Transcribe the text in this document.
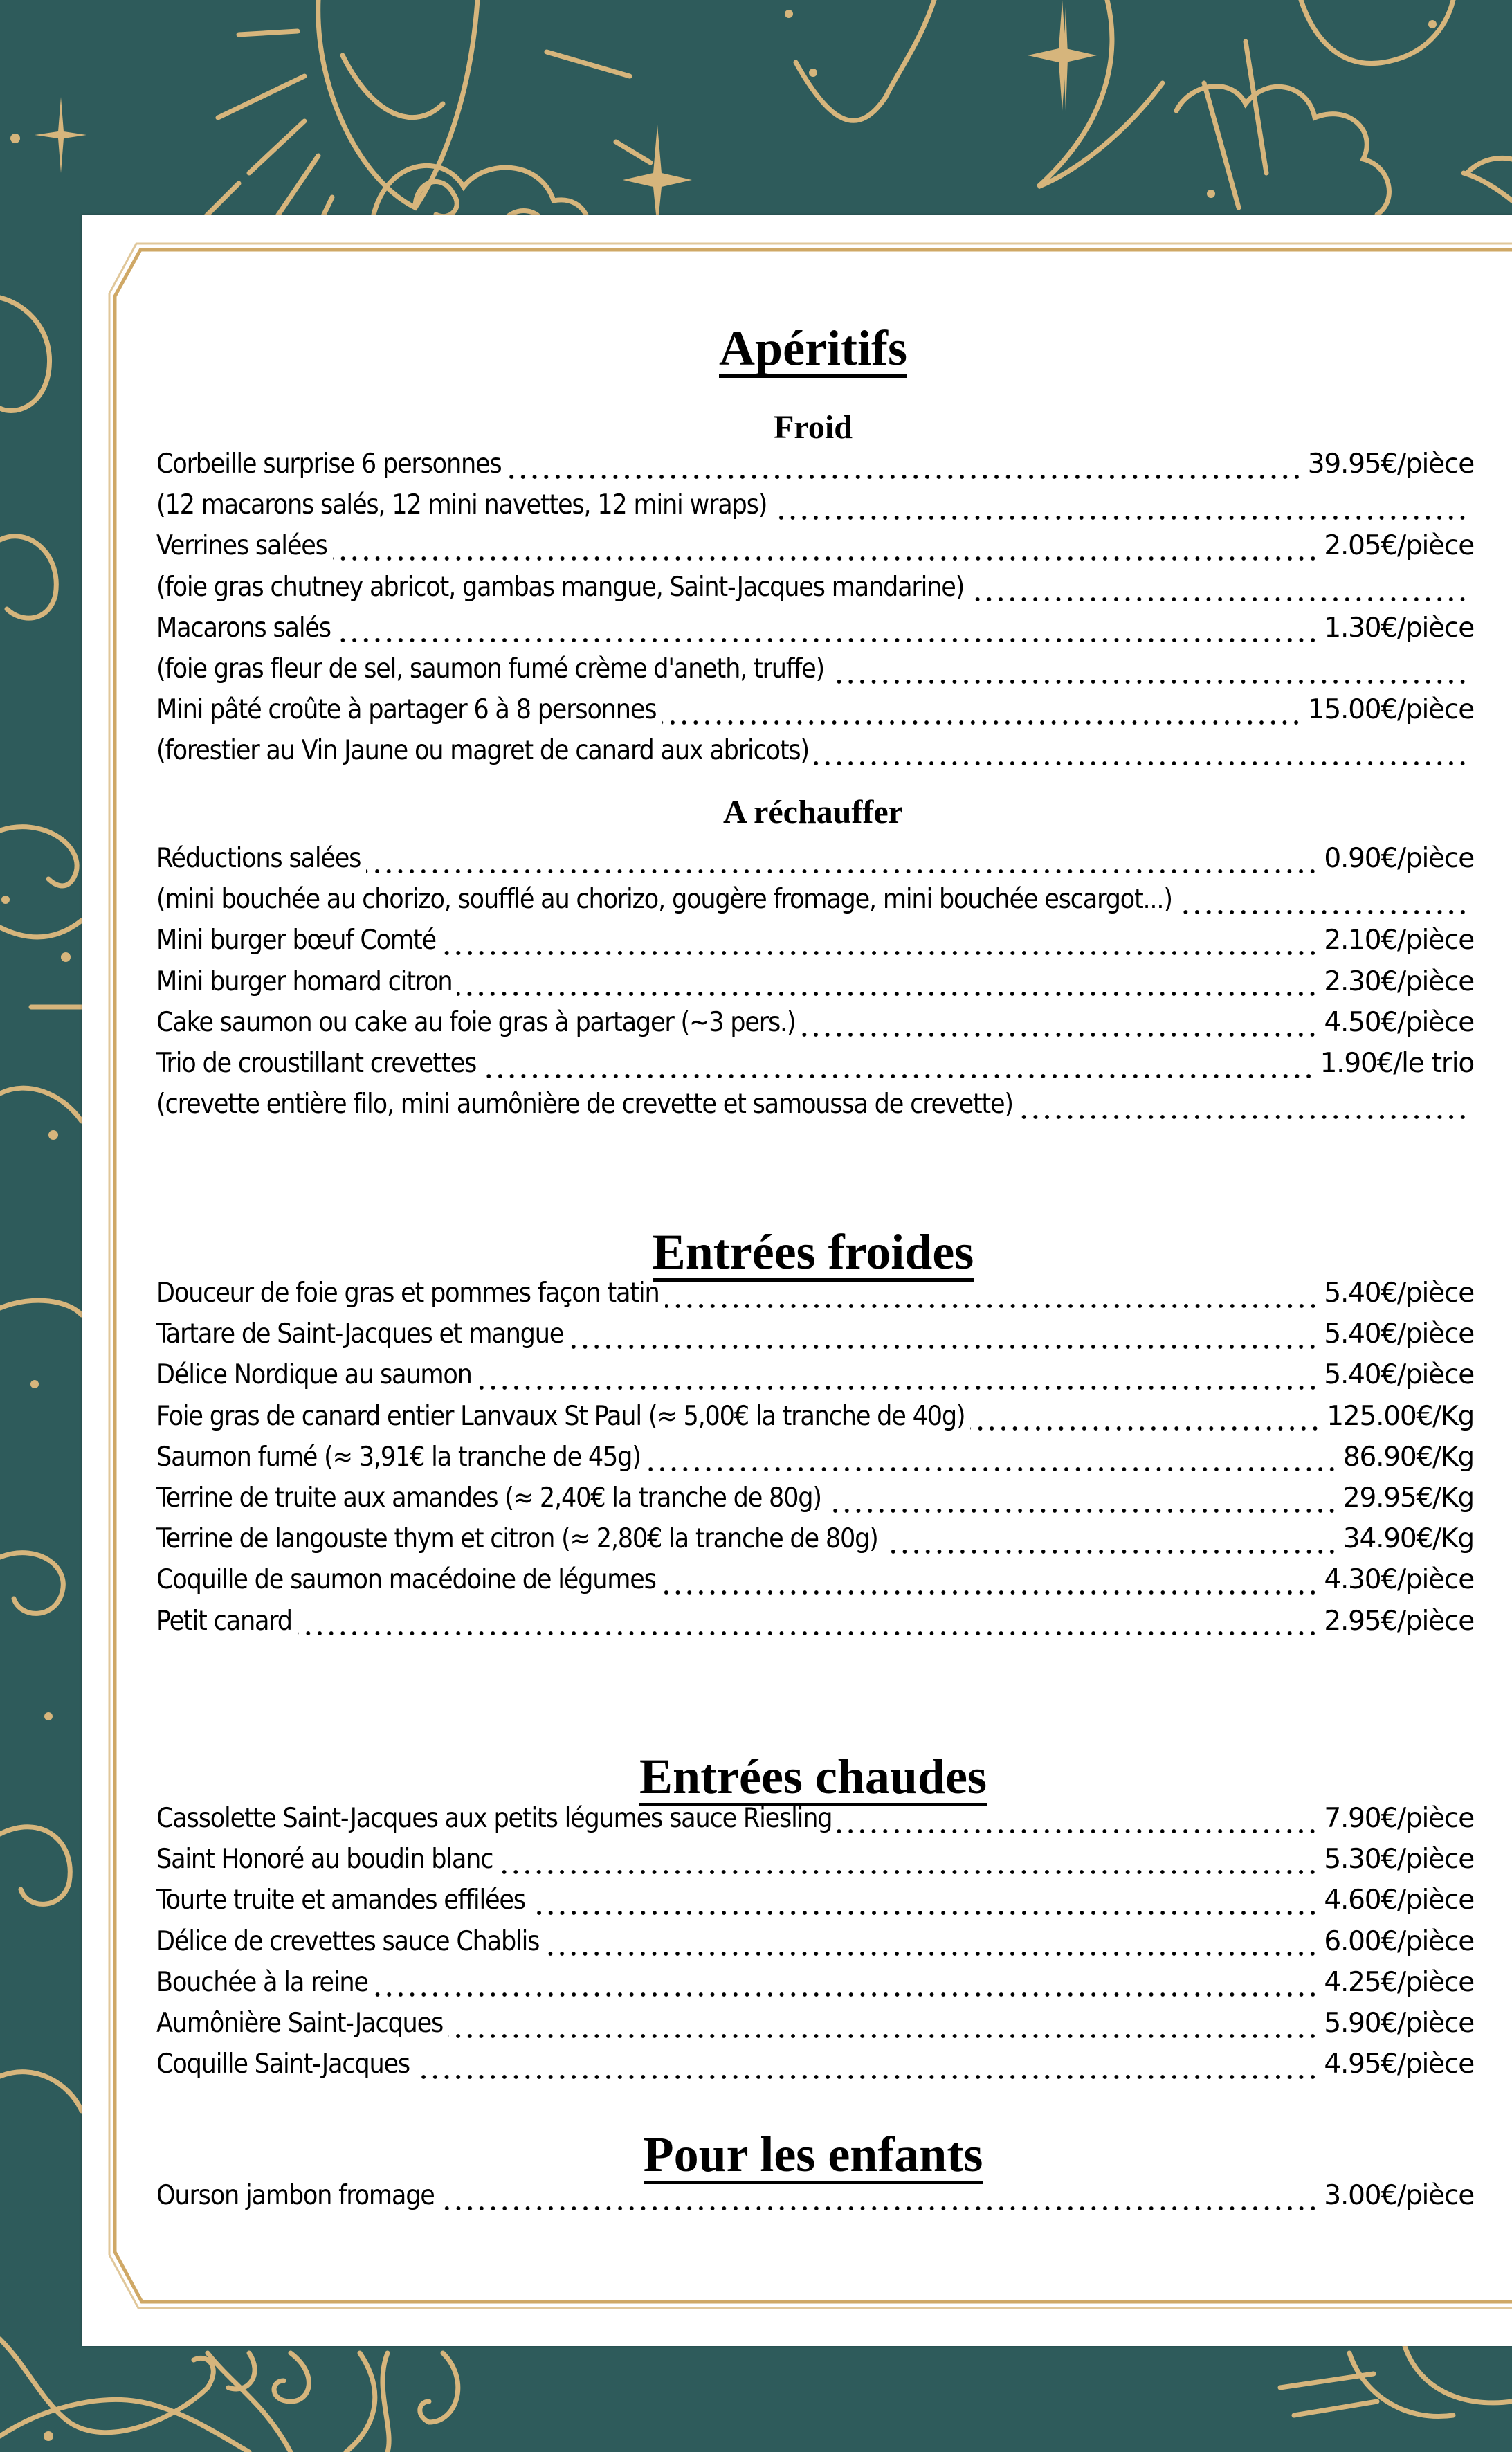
Apéritifs
Froid
Corbeille surprise 6 personnes	39.95€/pièce
(12 macarons salés, 12 mini navettes, 12 mini wraps)
Verrines salées	2.05€/pièce
(foie gras chutney abricot, gambas mangue, Saint-Jacques mandarine)
Macarons salés	1.30€/pièce
(foie gras fleur de sel, saumon fumé crème d'aneth, truffe)
Mini pâté croûte à partager 6 à 8 personnes	15.00€/pièce
(forestier au Vin Jaune ou magret de canard aux abricots)
A réchauffer
Réductions salées	0.90€/pièce
(mini bouchée au chorizo, soufflé au chorizo, gougère fromage, mini bouchée escargot...)
Mini burger bœuf Comté	2.10€/pièce
Mini burger homard citron	2.30€/pièce
Cake saumon ou cake au foie gras à partager (~3 pers.)	4.50€/pièce
Trio de croustillant crevettes	1.90€/le trio
(crevette entière filo, mini aumônière de crevette et samoussa de crevette)
Entrées froides
Douceur de foie gras et pommes façon tatin	5.40€/pièce
Tartare de Saint-Jacques et mangue	5.40€/pièce
Délice Nordique au saumon	5.40€/pièce
Foie gras de canard entier Lanvaux St Paul (≈ 5,00€ la tranche de 40g)	125.00€/Kg
Saumon fumé (≈ 3,91€ la tranche de 45g)	86.90€/Kg
Terrine de truite aux amandes (≈ 2,40€ la tranche de 80g)	29.95€/Kg
Terrine de langouste thym et citron (≈ 2,80€ la tranche de 80g)	34.90€/Kg
Coquille de saumon macédoine de légumes	4.30€/pièce
Petit canard	2.95€/pièce
Entrées chaudes
Cassolette Saint-Jacques aux petits légumes sauce Riesling	7.90€/pièce
Saint Honoré au boudin blanc	5.30€/pièce
Tourte truite et amandes effilées	4.60€/pièce
Délice de crevettes sauce Chablis	6.00€/pièce
Bouchée à la reine	4.25€/pièce
Aumônière Saint-Jacques	5.90€/pièce
Coquille Saint-Jacques	4.95€/pièce
Pour les enfants
Ourson jambon fromage	3.00€/pièce
